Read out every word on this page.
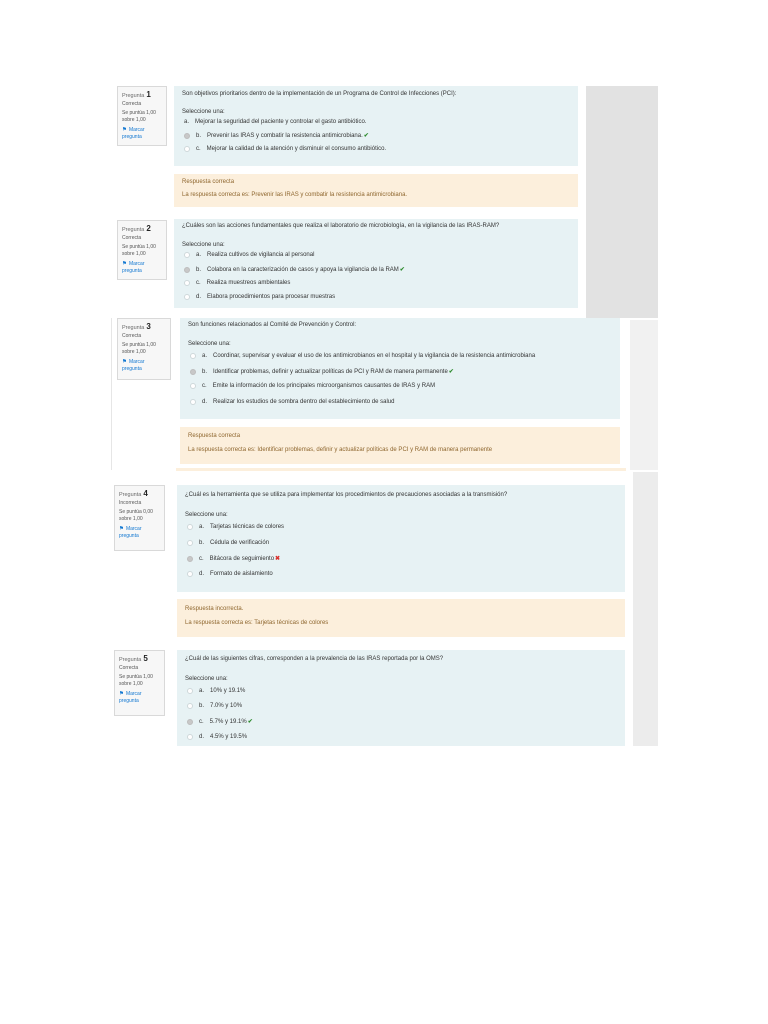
Pregunta 1
Correcta
Se puntúa 1,00
sobre 1,00
⚑ Marcar
pregunta
Son objetivos prioritarios dentro de la implementación de un Programa de Control de Infecciones (PCI):
Seleccione una:
a. Mejorar la seguridad del paciente y controlar el gasto antibiótico.
b. Prevenir las IRAS y combatir la resistencia antimicrobiana. ✔
c. Mejorar la calidad de la atención y disminuir el consumo antibiótico.
Respuesta correcta
La respuesta correcta es: Prevenir las IRAS y combatir la resistencia antimicrobiana.
Pregunta 2
Correcta
Se puntúa 1,00
sobre 1,00
⚑ Marcar
pregunta
¿Cuáles son las acciones fundamentales que realiza el laboratorio de microbiología, en la vigilancia de las IRAS-RAM?
Seleccione una:
a. Realiza cultivos de vigilancia al personal
b. Colabora en la caracterización de casos y apoya la vigilancia de la RAM ✔
c. Realiza muestreos ambientales
d. Elabora procedimientos para procesar muestras
Pregunta 3
Correcta
Se puntúa 1,00
sobre 1,00
⚑ Marcar
pregunta
Son funciones relacionados al Comité de Prevención y Control:
Seleccione una:
a. Coordinar, supervisar y evaluar el uso de los antimicrobianos en el hospital y la vigilancia de la resistencia antimicrobiana
b. Identificar problemas, definir y actualizar políticas de PCI y RAM de manera permanente ✔
c. Emite la información de los principales microorganismos causantes de IRAS y RAM
d. Realizar los estudios de sombra dentro del establecimiento de salud
Respuesta correcta
La respuesta correcta es: Identificar problemas, definir y actualizar políticas de PCI y RAM de manera permanente
Pregunta 4
Incorrecta
Se puntúa 0,00
sobre 1,00
⚑ Marcar
pregunta
¿Cuál es la herramienta que se utiliza para implementar los procedimientos de precauciones asociadas a la transmisión?
Seleccione una:
a. Tarjetas técnicas de colores
b. Cédula de verificación
c. Bitácora de seguimiento ✖
d. Formato de aislamiento
Respuesta incorrecta.
La respuesta correcta es: Tarjetas técnicas de colores
Pregunta 5
Correcta
Se puntúa 1,00
sobre 1,00
⚑ Marcar
pregunta
¿Cuál de las siguientes cifras, corresponden a la prevalencia de las IRAS reportada por la OMS?
Seleccione una:
a. 10% y 19.1%
b. 7.0% y 10%
c. 5.7% y 19.1% ✔
d. 4.5% y 19.5%
